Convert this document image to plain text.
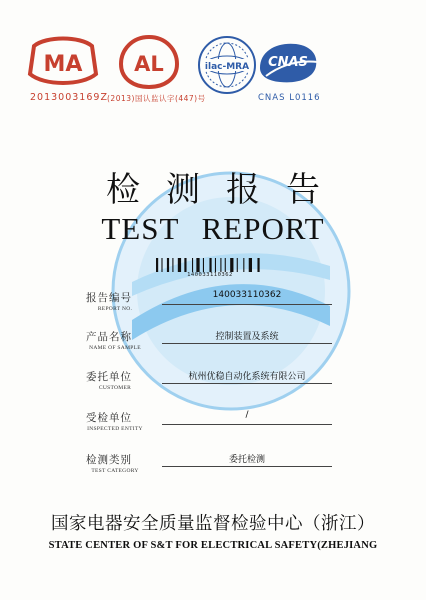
MA
2013003169Z
AL
(2013)国认监认字(447)号
ilac-MRA CNAS
CNAS L0116
检测报告
TEST REPORT
140033110362
报告编号
REPORT NO.
140033110362
产品名称
NAME OF SAMPLE
控制装置及系统
委托单位
CUSTOMER
杭州优稳自动化系统有限公司
受检单位
INSPECTED ENTITY
/
检测类别
TEST CATEGORY
委托检测
国家电器安全质量监督检验中心（浙江）
STATE CENTER OF S&T FOR ELECTRICAL SAFETY(ZHEJIANG
